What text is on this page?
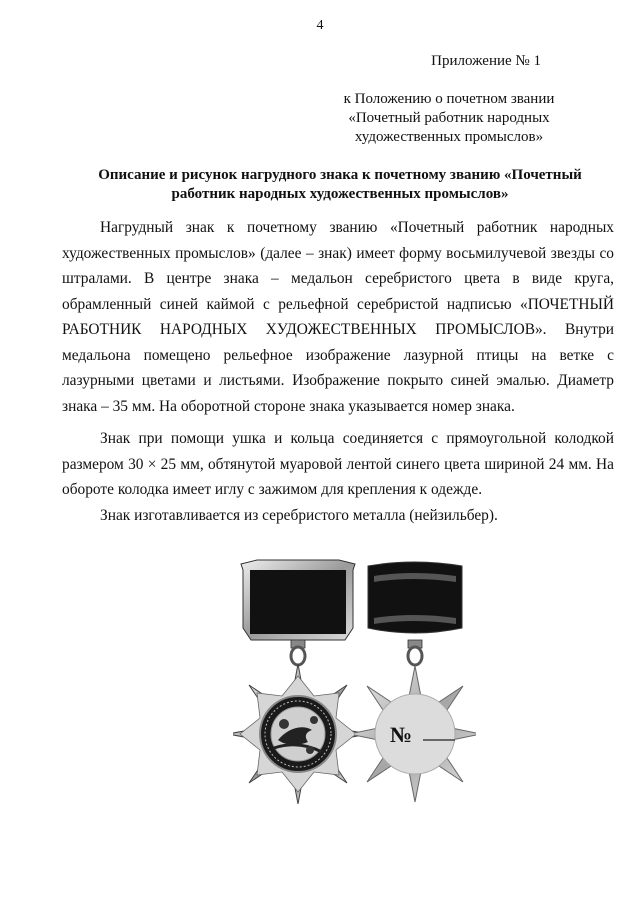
4
Приложение № 1
к Положению о почетном звании «Почетный работник народных художественных промыслов»
Описание и рисунок нагрудного знака к почетному званию «Почетный работник народных художественных промыслов»
Нагрудный знак к почетному званию «Почетный работник народных художественных промыслов» (далее – знак) имеет форму восьмилучевой звезды со штралами. В центре знака – медальон серебристого цвета в виде круга, обрамленный синей каймой с рельефной серебристой надписью «ПОЧЕТНЫЙ РАБОТНИК НАРОДНЫХ ХУДОЖЕСТВЕННЫХ ПРОМЫСЛОВ». Внутри медальона помещено рельефное изображение лазурной птицы на ветке с лазурными цветами и листьями. Изображение покрыто синей эмалью. Диаметр знака – 35 мм. На оборотной стороне знака указывается номер знака.
Знак при помощи ушка и кольца соединяется с прямоугольной колодкой размером 30 × 25 мм, обтянутой муаровой лентой синего цвета шириной 24 мм. На обороте колодка имеет иглу с зажимом для крепления к одежде.
Знак изготавливается из серебристого металла (нейзильбер).
№
